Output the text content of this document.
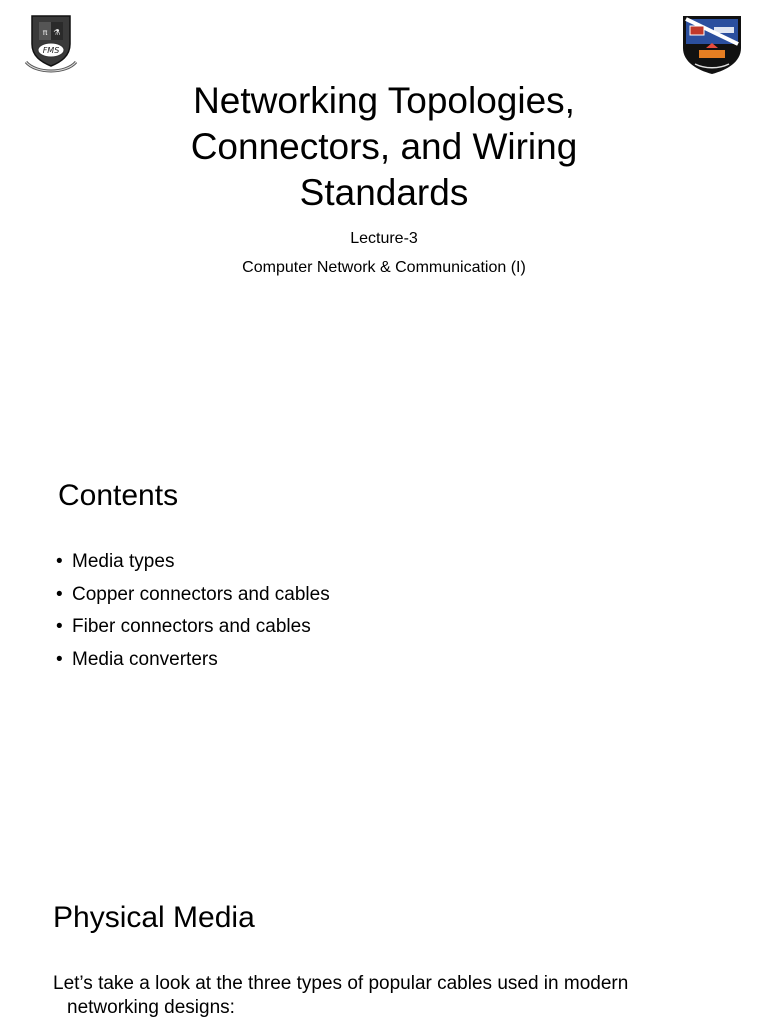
π ⚗
FMS
Networking Topologies, Connectors, and Wiring Standards
Lecture-3
Computer Network & Communication (I)
Contents
• Media types
• Copper connectors and cables
• Fiber connectors and cables
• Media converters
Physical Media

Let’s take a look at the three types of popular cables used in modern
networking designs:
